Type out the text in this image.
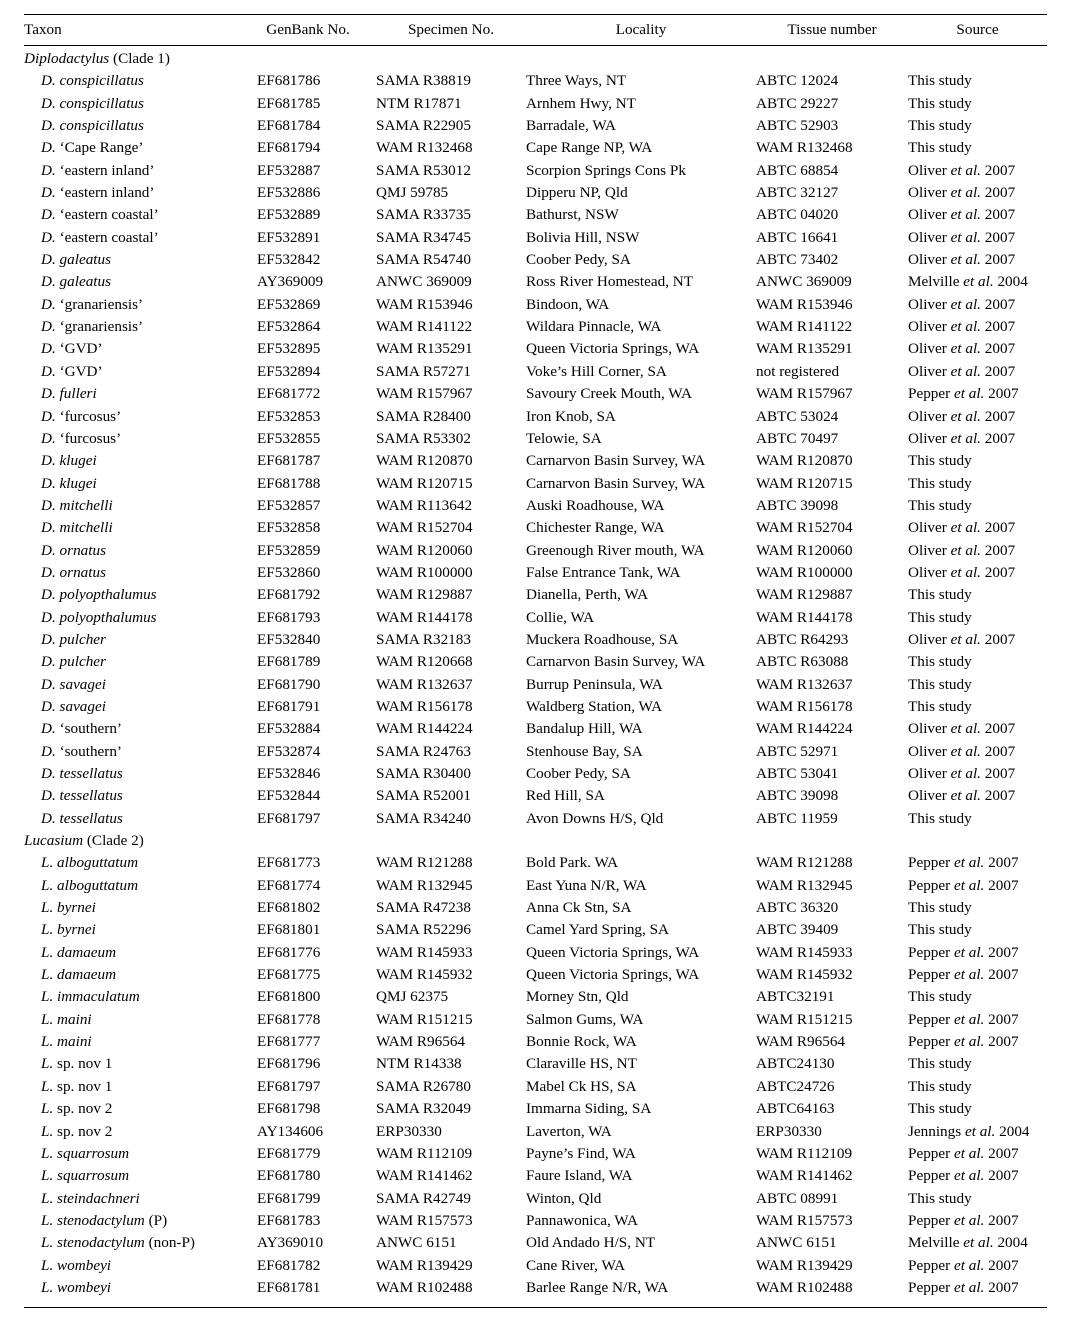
Taxon	GenBank No.	Specimen No.	Locality	Tissue number	Source
Diplodactylus (Clade 1)					
D. conspicillatus	EF681786	SAMA R38819	Three Ways, NT	ABTC 12024	This study
D. conspicillatus	EF681785	NTM R17871	Arnhem Hwy, NT	ABTC 29227	This study
D. conspicillatus	EF681784	SAMA R22905	Barradale, WA	ABTC 52903	This study
D. ‘Cape Range’	EF681794	WAM R132468	Cape Range NP, WA	WAM R132468	This study
D. ‘eastern inland’	EF532887	SAMA R53012	Scorpion Springs Cons Pk	ABTC 68854	Oliver et al. 2007
D. ‘eastern inland’	EF532886	QMJ 59785	Dipperu NP, Qld	ABTC 32127	Oliver et al. 2007
D. ‘eastern coastal’	EF532889	SAMA R33735	Bathurst, NSW	ABTC 04020	Oliver et al. 2007
D. ‘eastern coastal’	EF532891	SAMA R34745	Bolivia Hill, NSW	ABTC 16641	Oliver et al. 2007
D. galeatus	EF532842	SAMA R54740	Coober Pedy, SA	ABTC 73402	Oliver et al. 2007
D. galeatus	AY369009	ANWC 369009	Ross River Homestead, NT	ANWC 369009	Melville et al. 2004
D. ‘granariensis’	EF532869	WAM R153946	Bindoon, WA	WAM R153946	Oliver et al. 2007
D. ‘granariensis’	EF532864	WAM R141122	Wildara Pinnacle, WA	WAM R141122	Oliver et al. 2007
D. ‘GVD’	EF532895	WAM R135291	Queen Victoria Springs, WA	WAM R135291	Oliver et al. 2007
D. ‘GVD’	EF532894	SAMA R57271	Voke’s Hill Corner, SA	not registered	Oliver et al. 2007
D. fulleri	EF681772	WAM R157967	Savoury Creek Mouth, WA	WAM R157967	Pepper et al. 2007
D. ‘furcosus’	EF532853	SAMA R28400	Iron Knob, SA	ABTC 53024	Oliver et al. 2007
D. ‘furcosus’	EF532855	SAMA R53302	Telowie, SA	ABTC 70497	Oliver et al. 2007
D. klugei	EF681787	WAM R120870	Carnarvon Basin Survey, WA	WAM R120870	This study
D. klugei	EF681788	WAM R120715	Carnarvon Basin Survey, WA	WAM R120715	This study
D. mitchelli	EF532857	WAM R113642	Auski Roadhouse, WA	ABTC 39098	This study
D. mitchelli	EF532858	WAM R152704	Chichester Range, WA	WAM R152704	Oliver et al. 2007
D. ornatus	EF532859	WAM R120060	Greenough River mouth, WA	WAM R120060	Oliver et al. 2007
D. ornatus	EF532860	WAM R100000	False Entrance Tank, WA	WAM R100000	Oliver et al. 2007
D. polyopthalumus	EF681792	WAM R129887	Dianella, Perth, WA	WAM R129887	This study
D. polyopthalumus	EF681793	WAM R144178	Collie, WA	WAM R144178	This study
D. pulcher	EF532840	SAMA R32183	Muckera Roadhouse, SA	ABTC R64293	Oliver et al. 2007
D. pulcher	EF681789	WAM R120668	Carnarvon Basin Survey, WA	ABTC R63088	This study
D. savagei	EF681790	WAM R132637	Burrup Peninsula, WA	WAM R132637	This study
D. savagei	EF681791	WAM R156178	Waldberg Station, WA	WAM R156178	This study
D. ‘southern’	EF532884	WAM R144224	Bandalup Hill, WA	WAM R144224	Oliver et al. 2007
D. ‘southern’	EF532874	SAMA R24763	Stenhouse Bay, SA	ABTC 52971	Oliver et al. 2007
D. tessellatus	EF532846	SAMA R30400	Coober Pedy, SA	ABTC 53041	Oliver et al. 2007
D. tessellatus	EF532844	SAMA R52001	Red Hill, SA	ABTC 39098	Oliver et al. 2007
D. tessellatus	EF681797	SAMA R34240	Avon Downs H/S, Qld	ABTC 11959	This study
Lucasium (Clade 2)					
L. alboguttatum	EF681773	WAM R121288	Bold Park. WA	WAM R121288	Pepper et al. 2007
L. alboguttatum	EF681774	WAM R132945	East Yuna N/R, WA	WAM R132945	Pepper et al. 2007
L. byrnei	EF681802	SAMA R47238	Anna Ck Stn, SA	ABTC 36320	This study
L. byrnei	EF681801	SAMA R52296	Camel Yard Spring, SA	ABTC 39409	This study
L. damaeum	EF681776	WAM R145933	Queen Victoria Springs, WA	WAM R145933	Pepper et al. 2007
L. damaeum	EF681775	WAM R145932	Queen Victoria Springs, WA	WAM R145932	Pepper et al. 2007
L. immaculatum	EF681800	QMJ 62375	Morney Stn, Qld	ABTC32191	This study
L. maini	EF681778	WAM R151215	Salmon Gums, WA	WAM R151215	Pepper et al. 2007
L. maini	EF681777	WAM R96564	Bonnie Rock, WA	WAM R96564	Pepper et al. 2007
L. sp. nov 1	EF681796	NTM R14338	Claraville HS, NT	ABTC24130	This study
L. sp. nov 1	EF681797	SAMA R26780	Mabel Ck HS, SA	ABTC24726	This study
L. sp. nov 2	EF681798	SAMA R32049	Immarna Siding, SA	ABTC64163	This study
L. sp. nov 2	AY134606	ERP30330	Laverton, WA	ERP30330	Jennings et al. 2004
L. squarrosum	EF681779	WAM R112109	Payne’s Find, WA	WAM R112109	Pepper et al. 2007
L. squarrosum	EF681780	WAM R141462	Faure Island, WA	WAM R141462	Pepper et al. 2007
L. steindachneri	EF681799	SAMA R42749	Winton, Qld	ABTC 08991	This study
L. stenodactylum (P)	EF681783	WAM R157573	Pannawonica, WA	WAM R157573	Pepper et al. 2007
L. stenodactylum (non-P)	AY369010	ANWC 6151	Old Andado H/S, NT	ANWC 6151	Melville et al. 2004
L. wombeyi	EF681782	WAM R139429	Cane River, WA	WAM R139429	Pepper et al. 2007
L. wombeyi	EF681781	WAM R102488	Barlee Range N/R, WA	WAM R102488	Pepper et al. 2007
